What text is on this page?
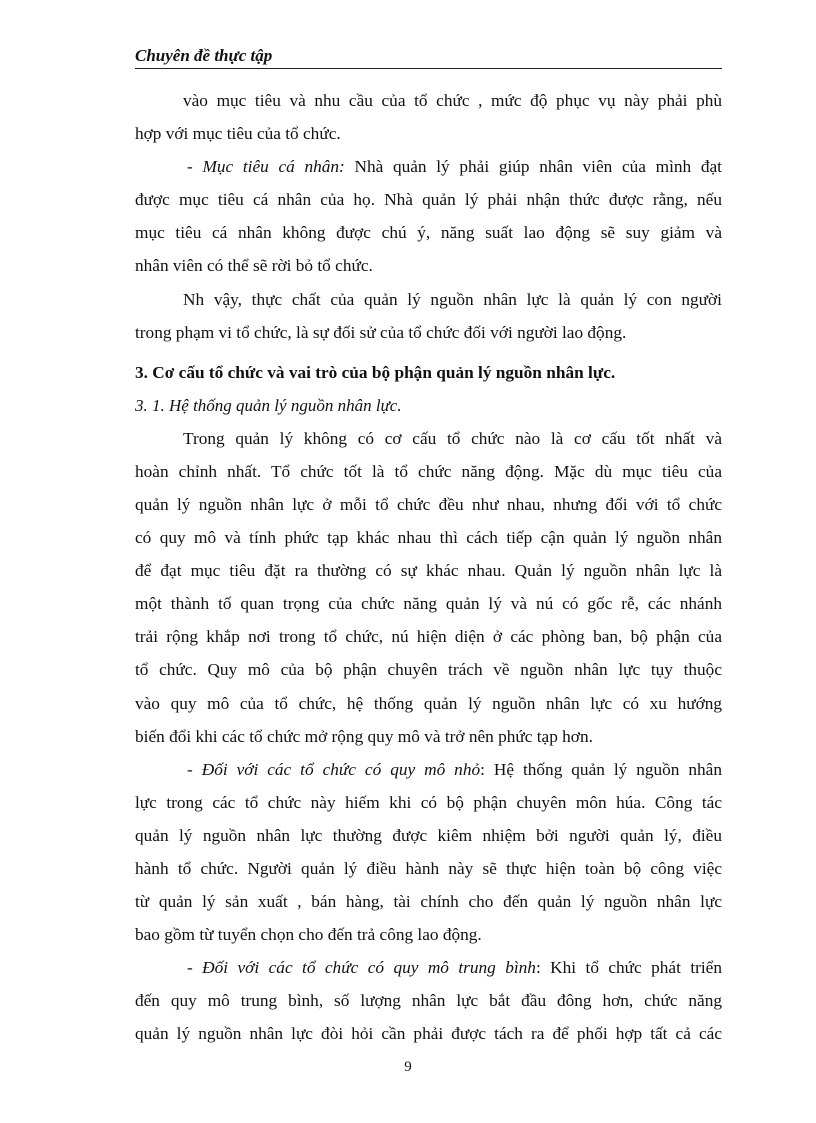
Chuyên đề thực tập
vào mục tiêu và nhu cầu của tổ chức , mức độ phục vụ này phải phù
hợp với mục tiêu của tổ chức.
- Mục tiêu cá nhân: Nhà quản lý phải giúp nhân viên của mình đạt
được mục tiêu cá nhân của họ. Nhà quản lý phải nhận thức được rằng, nếu
mục tiêu cá nhân không được chú ý, năng suất lao động sẽ suy giảm và
nhân viên có thể sẽ rời bỏ tổ chức.
Nh vậy, thực chất của quản lý nguồn nhân lực là quản lý con người
trong phạm vi tổ chức, là sự đối sử của tổ chức đối với người lao động.
3. Cơ cấu tổ chức và vai trò của bộ phận quản lý nguồn nhân lực.
3. 1. Hệ thống quản lý nguồn nhân lực.
Trong quản lý không có cơ cấu tổ chức nào là cơ cấu tốt nhất và
hoàn chỉnh nhất. Tổ chức tốt là tổ chức năng động. Mặc dù mục tiêu của
quản lý nguồn nhân lực ở mỗi tổ chức đều như nhau, nhưng đối với tổ chức
có quy mô và tính phức tạp khác nhau thì cách tiếp cận quản lý nguồn nhân
để đạt mục tiêu đặt ra thường có sự khác nhau. Quản lý nguồn nhân lực là
một thành tố quan trọng của chức năng quản lý và nú có gốc rễ, các nhánh
trải rộng khắp nơi trong tổ chức, nú hiện diện ở các phòng ban, bộ phận của
tổ chức. Quy mô của bộ phận chuyên trách về nguồn nhân lực tụy thuộc
vào quy mô của tổ chức, hệ thống quản lý nguồn nhân lực có xu hướng
biến đổi khi các tổ chức mở rộng quy mô và trở nên phức tạp hơn.
- Đối với các tổ chức có quy mô nhỏ: Hệ thống quản lý nguồn nhân
lực trong các tổ chức này hiếm khi có bộ phận chuyên môn húa. Công tác
quản lý nguồn nhân lực thường được kiêm nhiệm bởi người quản lý, điều
hành tổ chức. Người quản lý điều hành này sẽ thực hiện toàn bộ công việc
từ quản lý sản xuất , bán hàng, tài chính cho đến quản lý nguồn nhân lực
bao gồm từ tuyển chọn cho đến trả công lao động.
- Đối với các tổ chức có quy mô trung bình: Khi tổ chức phát triển
đến quy mô trung bình, số lượng nhân lực bắt đầu đông hơn, chức năng
quản lý nguồn nhân lực đòi hỏi cần phải được tách ra để phối hợp tất cả các
9
